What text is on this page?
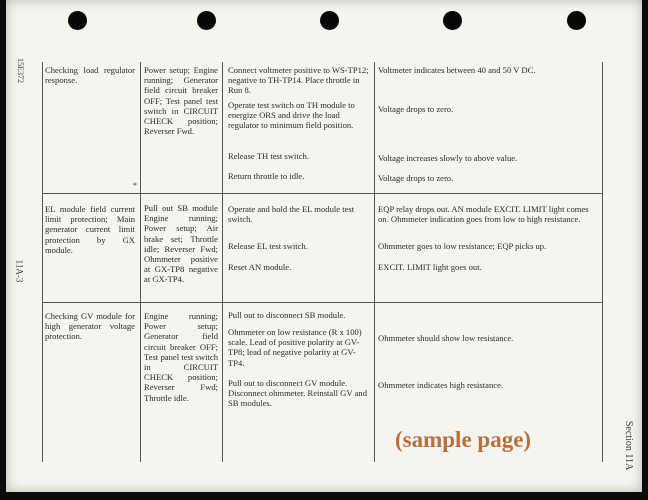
15E372
11A-3
Section 11A
Checking load regulator response.
Power setup; Engine running; Generator field circuit breaker OFF; Test panel test switch in CIRCUIT CHECK position; Reverser Fwd.
*
Connect voltmeter positive to WS-TP12; negative to TH-TP14. Place throttle in Run 8.
Operate test switch on TH module to energize ORS and drive the load regulator to minimum field position.
Release TH test switch.
Return throttle to idle.
Voltmeter indicates between 40 and 50 V DC.
Voltage drops to zero.
Voltage increases slowly to above value.
Voltage drops to zero.
EL module field current limit protection; Main generator current limit protection by GX module.
Pull out SB module Engine running; Power setup; Air brake set; Throttle idle; Reverser Fwd; Ohmmeter positive at GX-TP8 negative at GX-TP4.
Operate and hold the EL module test switch.
Release EL test switch.
Reset AN module.
EQP relay drops out. AN module EXCIT. LIMIT light comes on. Ohmmeter indication goes from low to high resistance.
Ohmmeter goes to low resistance; EQP picks up.
EXCIT. LIMIT light goes out.
Checking GV module for high generator voltage protection.
Engine running; Power setup; Generator field circuit breaker OFF; Test panel test switch in CIRCUIT CHECK position; Reverser Fwd; Throttle idle.
Pull out to disconnect SB module.
Ohmmeter on low resistance (R x 100) scale. Lead of positive polarity at GV-TP8; lead of negative polarity at GV-TP4.
Pull out to disconnect GV module. Disconnect ohmmeter. Reinstall GV and SB modules.
Ohmmeter should show low resistance.
Ohmmeter indicates high resistance.
(sample page)
